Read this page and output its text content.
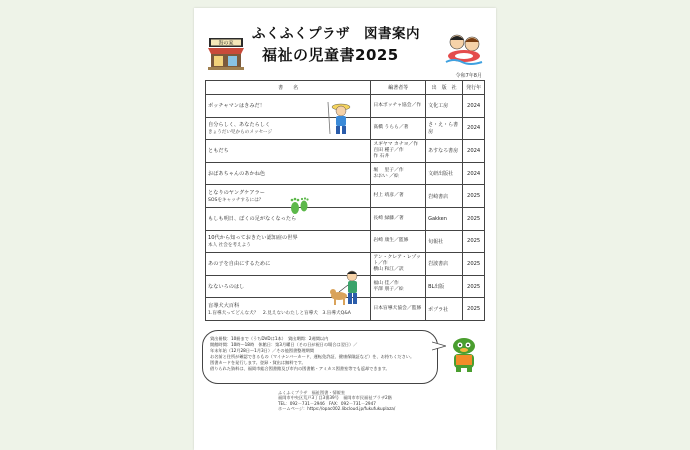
海の家
ふくふくプラザ　図書案内
福祉の児童書2025
令和7年8月
書　　名	編著者等	出　版　社	発行年

ボッチャマンはきみだ！	日本ボッチャ協会／作	文化工房	2024

自分らしく、あなたらしく
きょうだい児からのメッセージ	髙橋 うらら／著	さ・え・ら書房	2024

ともだち	スギヤマ カナヨ／作
百田 種子／作
作 石井	あすなろ書房	2024

おばあちゃんのあかね色	堀 　里子／作
おおい ／絵	文研出版社	2024

となりのヤングケアラー
SOSをキャッチするには？	村上 靖彦／著	岩崎書店	2025

もしも明日、ぼくの足がなくなったら	長崎 緑藤／著	Gakken	2025

10代から知っておきたい認知症の世界
本人 社会を考えよう	岩崎 康生／監修	旬報社	2025

あの子を自由にするために	アン・クレア・レゾット／作
横山 和江／訳	岩波書店	2025

なないろのはし	福山 佳／作
平澤 朋子／絵	BL出版	2025

盲導犬大百科
1.盲導犬ってどんな犬？　2.見えないわたしと盲導犬　3.盲導犬Q&A	日本盲導犬協会／監修	ポプラ社	2025
貸出冊数：10冊まで（うちDVDは1本）　貸出期間：2週間以内
開館時間：10時～18時　休館日：第3月曜日（その日が祝日の場合は翌日）／
年末年始（12月28日～1月3日）／その他図書整理期間
お名前と住所が確認できるもの（マイナンバーカード、運転免許証、健康保険証など）を、お持ちください。
図書カードを発行します。登録・貸出は無料です。
借りられた資料は、福岡市総合図書館及び市内の図書館・アミカス図書室等でも返却できます。
ふくふくプラザ　福祉図書・情報室
福岡市中央区荒戸3丁目3番39号　福岡市市民福祉プラザ2階
TEL：092－731－2946　FAX：092－731－2947
ホームページ：https://opac002.libcloud.jp/fukufukuplaza/
